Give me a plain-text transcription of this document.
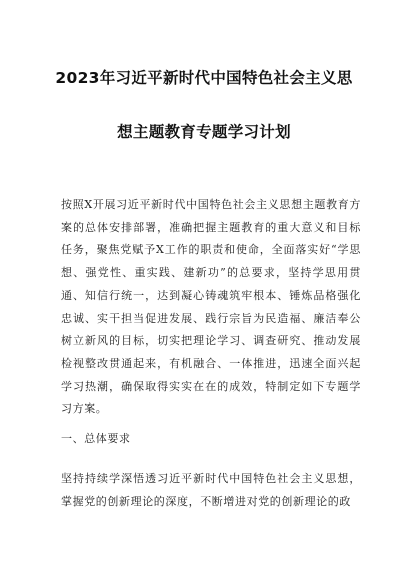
2023年习近平新时代中国特色社会主义思
想主题教育专题学习计划
按照X开展习近平新时代中国特色社会主义思想主题教育方案的总体安排部署，准确把握主题教育的重大意义和目标任务，聚焦党赋予X工作的职责和使命，全面落实好“学思想、强党性、重实践、建新功”的总要求，坚持学思用贯通、知信行统一，达到凝心铸魂筑牢根本、锤炼品格强化忠诚、实干担当促进发展、践行宗旨为民造福、廉洁奉公树立新风的目标，切实把理论学习、调查研究、推动发展检视整改贯通起来，有机融合、一体推进，迅速全面兴起学习热潮，确保取得实实在在的成效，特制定如下专题学习方案。
一、总体要求
坚持持续学深悟透习近平新时代中国特色社会主义思想，掌握党的创新理论的深度，不断增进对党的创新理论的政
